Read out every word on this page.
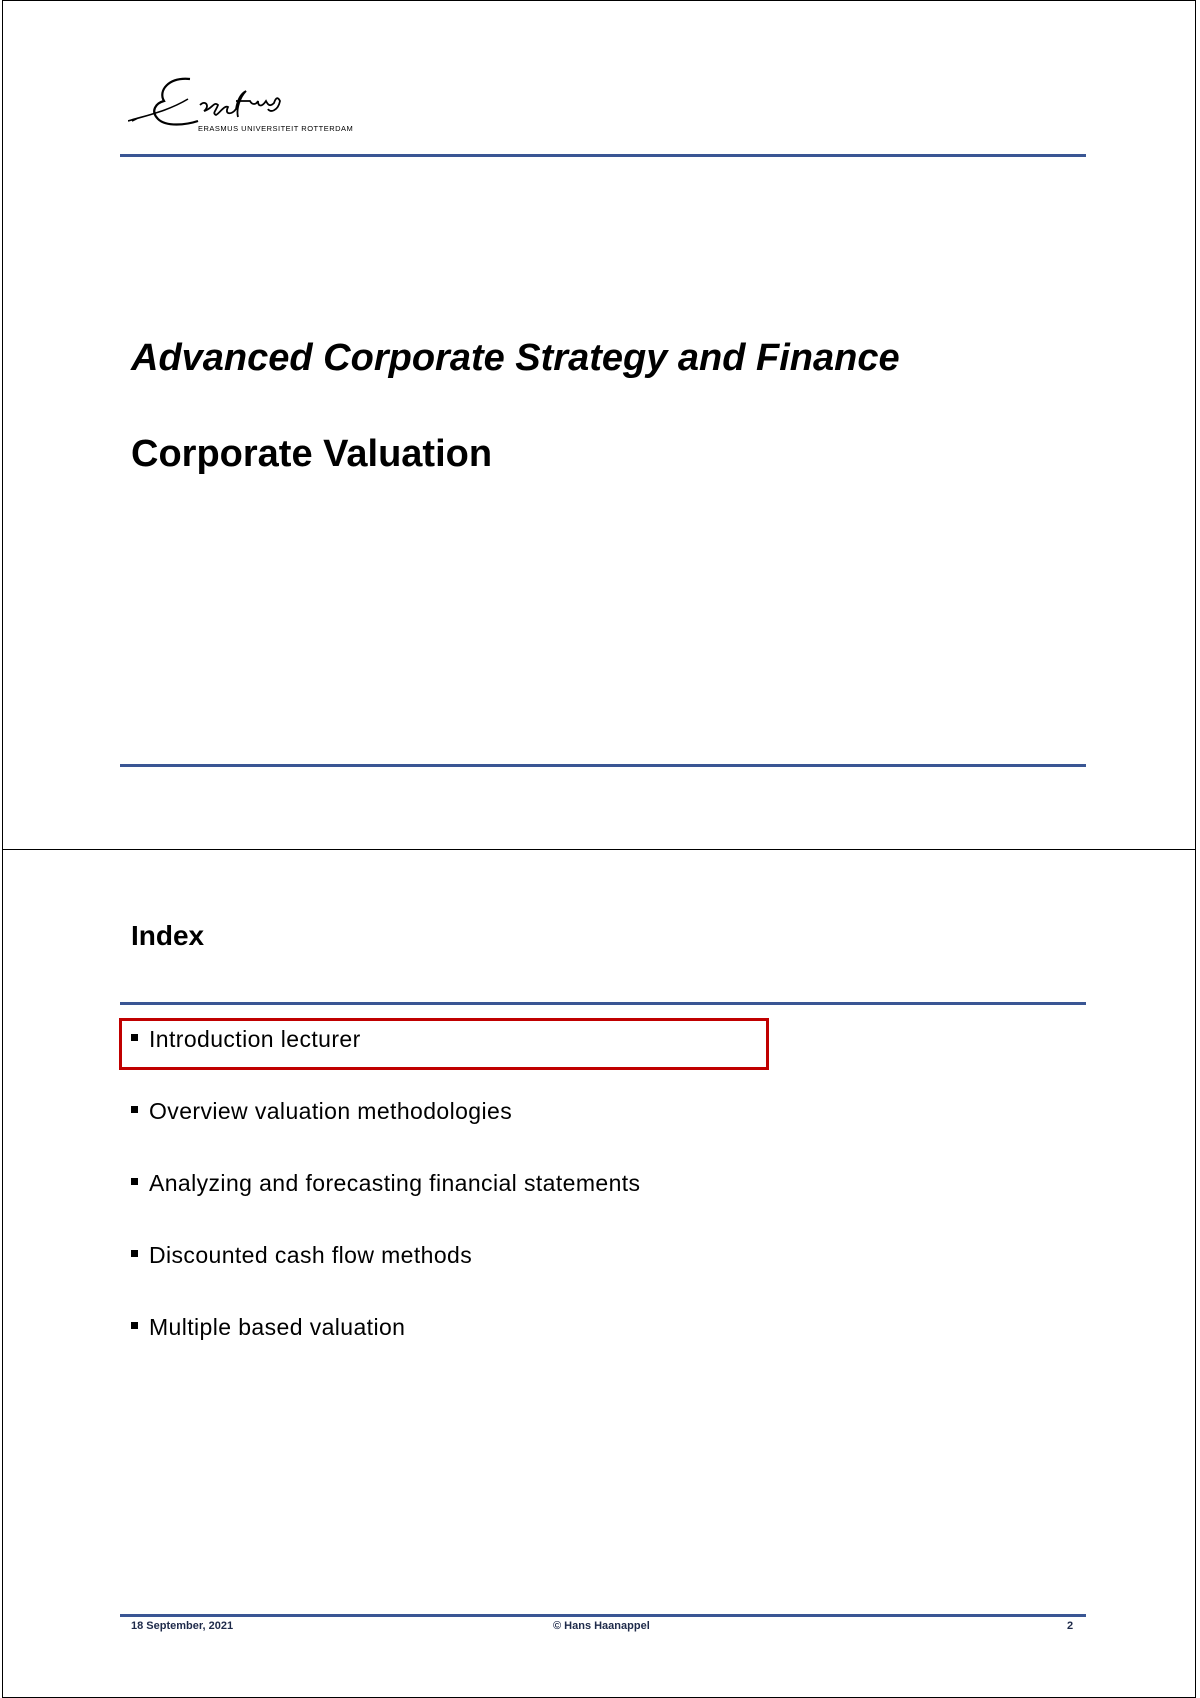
ERASMUS UNIVERSITEIT ROTTERDAM
Advanced Corporate Strategy and Finance
Corporate Valuation
Index
Introduction lecturer
Overview valuation methodologies
Analyzing and forecasting financial statements
Discounted cash flow methods
Multiple based valuation
18 September, 2021	© Hans Haanappel	2
